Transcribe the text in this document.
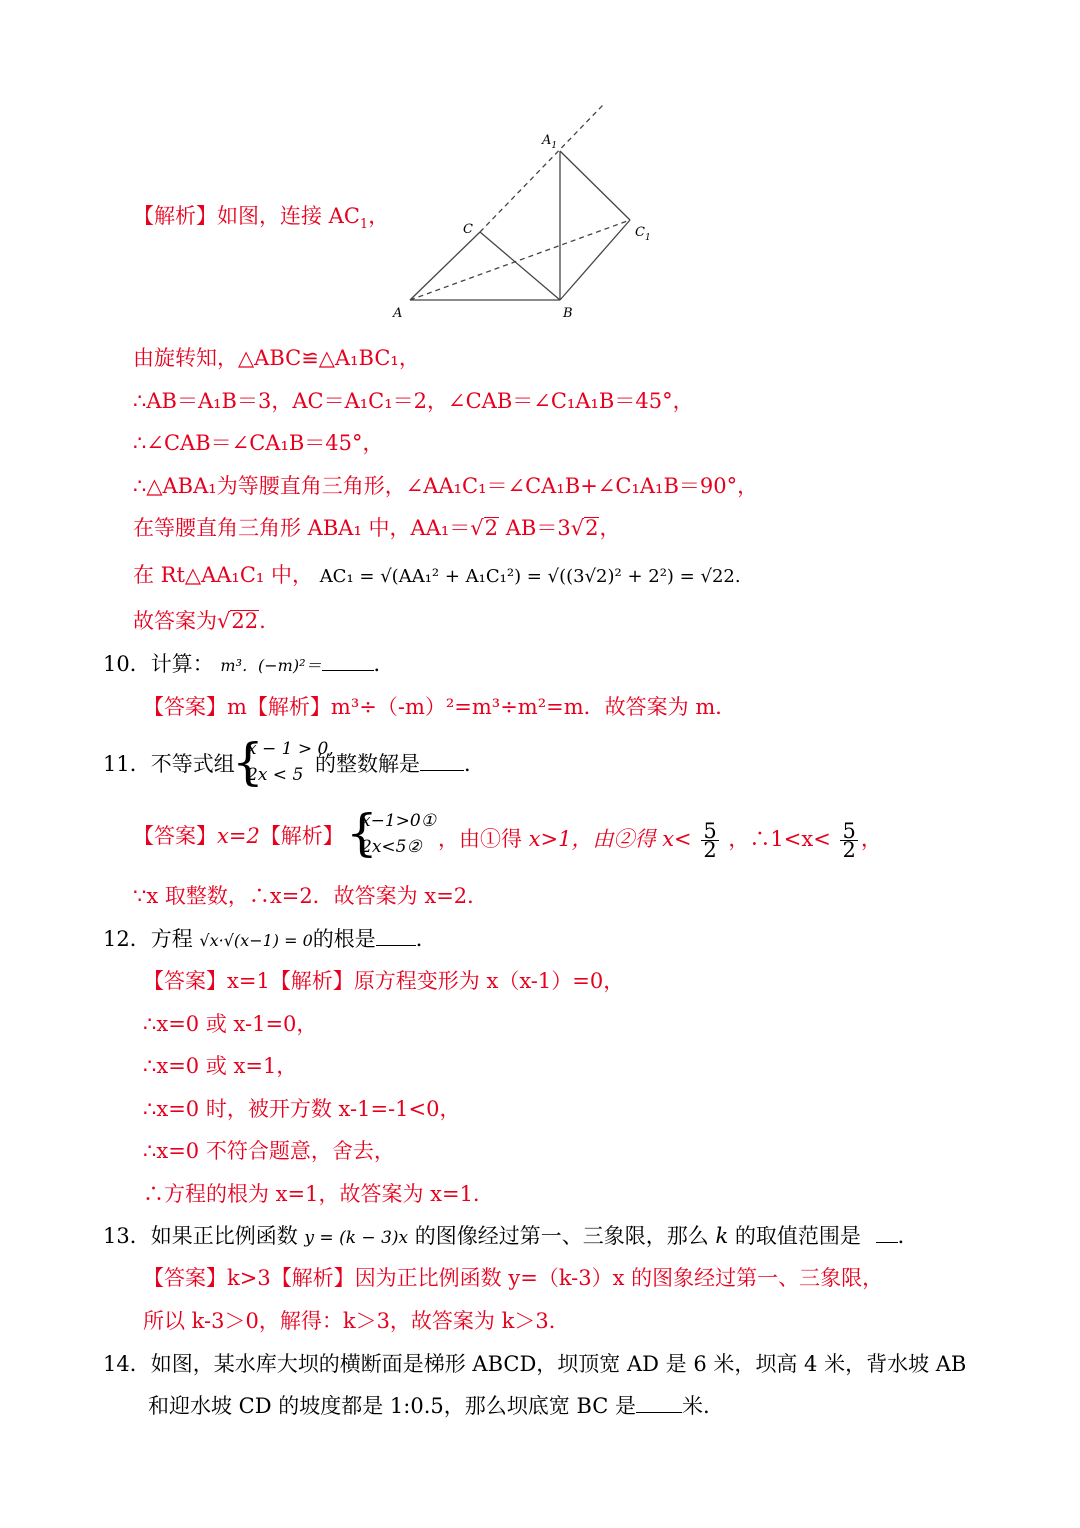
$A_1$
C	$C_1$
A	B
【解析】如图，连接 $AC_1$，
由旋转知，△ABC≌△A₁BC₁，
∴AB＝A₁B＝3，AC＝A₁C₁＝2，∠CAB＝∠C₁A₁B＝45°，
∴∠CAB＝∠CA₁B＝45°，
∴△ABA₁为等腰直角三角形，∠AA₁C₁＝∠CA₁B+∠C₁A₁B＝90°，
在等腰直角三角形 ABA₁ 中，AA₁＝√2 AB＝3√2，
在 Rt△AA₁C₁ 中， AC₁ = √(AA₁² + A₁C₁²) = √((3√2)² + 2²) = √22.
故答案为√22.
10．计算： m³．(−m)²＝ ．
【答案】m【解析】m³÷（-m）²=m³÷m²=m．故答案为 m．
11．不等式组
{
x − 1 > 0,
2x < 5 的整数解是 ．
【答案】x=2【解析】 {
x−1>0①
2x<5② ，由①得 x>1，由②得 $x< \frac{5}{2}$ ，∴1<x< $\frac{5}{2}$ ，
∵x 取整数，∴x=2．故答案为 x=2．
12．方程 √x·√(x−1) = 0的根是 ．
【答案】x=1【解析】原方程变形为 x（x-1）=0，
∴x=0 或 x-1=0，
∴x=0 或 x=1，
∴x=0 时，被开方数 x-1=-1<0，
∴x=0 不符合题意，舍去，
∴方程的根为 x=1，故答案为 x=1．
13．如果正比例函数 y = (k − 3)x 的图像经过第一、三象限，那么 k 的取值范围是 ．
【答案】k>3【解析】因为正比例函数 y=（k-3）x 的图象经过第一、三象限，
所以 k-3＞0，解得：k＞3，故答案为 k＞3．
14．如图，某水库大坝的横断面是梯形 ABCD，坝顶宽 AD 是 6 米，坝高 4 米，背水坡 AB
和迎水坡 CD 的坡度都是 1:0.5，那么坝底宽 BC 是 米.
